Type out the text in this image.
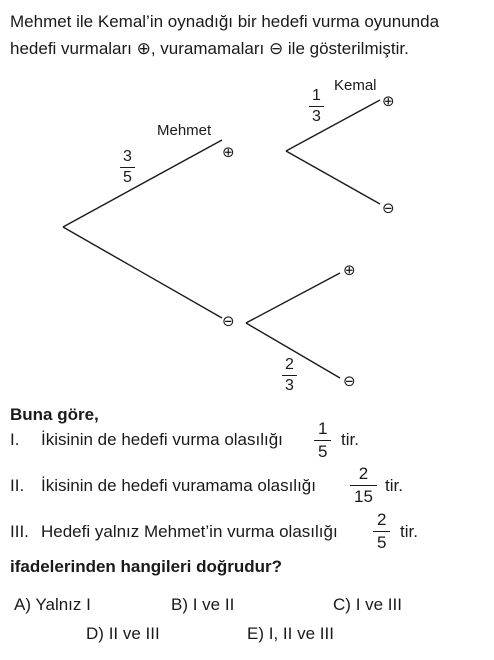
Mehmet ile Kemal’in oynadığı bir hedefi vurma oyununda
hedefi vurmaları ⊕, vuramamaları ⊖ ile gösterilmiştir.
⊕
⊖
⊕
⊖
⊕
⊖
Mehmet
Kemal
$\frac{3}{5}$
$\frac{1}{3}$
$\frac{2}{3}$
Buna göre,
I. İkisinin de hedefi vurma olasılığı $\frac{1}{5}$ tir.
II. İkisinin de hedefi vuramama olasılığı $\frac{2}{15}$ tir.
III. Hedefi yalnız Mehmet’in vurma olasılığı $\frac{2}{5}$ tir.
ifadelerinden hangileri doğrudur?
A) Yalnız I	B) I ve II	C) I ve III
D) II ve III	E) I, II ve III
